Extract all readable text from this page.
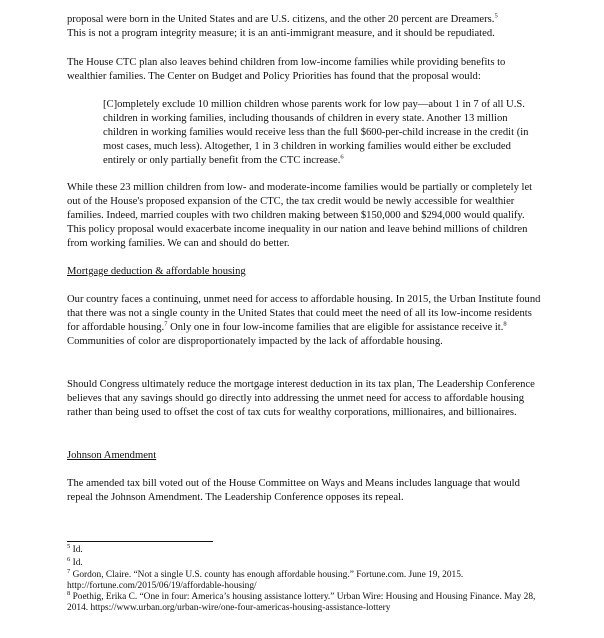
proposal were born in the United States and are U.S. citizens, and the other 20 percent are Dreamers.$^5$
This is not a program integrity measure; it is an anti-immigrant measure, and it should be repudiated.

The House CTC plan also leaves behind children from low-income families while providing benefits to wealthier families. The Center on Budget and Policy Priorities has found that the proposal would:

[C]ompletely exclude 10 million children whose parents work for low pay—about 1 in 7 of all U.S. children in working families, including thousands of children in every state. Another 13 million children in working families would receive less than the full $600-per-child increase in the credit (in most cases, much less). Altogether, 1 in 3 children in working families would either be excluded entirely or only partially benefit from the CTC increase.$^6$

While these 23 million children from low- and moderate-income families would be partially or completely let out of the House's proposed expansion of the CTC, the tax credit would be newly accessible for wealthier families. Indeed, married couples with two children making between $150,000 and $294,000 would qualify. This policy proposal would exacerbate income inequality in our nation and leave behind millions of children from working families. We can and should do better.

Mortgage deduction & affordable housing

Our country faces a continuing, unmet need for access to affordable housing. In 2015, the Urban Institute found that there was not a single county in the United States that could meet the need of all its low-income residents for affordable housing.$^7$ Only one in four low-income families that are eligible for assistance receive it.$^8$ Communities of color are disproportionately impacted by the lack of affordable housing.

Should Congress ultimately reduce the mortgage interest deduction in its tax plan, The Leadership Conference believes that any savings should go directly into addressing the unmet need for access to affordable housing rather than being used to offset the cost of tax cuts for wealthy corporations, millionaires, and billionaires.

Johnson Amendment

The amended tax bill voted out of the House Committee on Ways and Means includes language that would repeal the Johnson Amendment. The Leadership Conference opposes its repeal.

$^5$ Id.

$^6$ Id.

$^7$ Gordon, Claire. “Not a single U.S. county has enough affordable housing.” Fortune.com. June 19, 2015. http://fortune.com/2015/06/19/affordable-housing/

$^8$ Poethig, Erika C. “One in four: America’s housing assistance lottery.” Urban Wire: Housing and Housing Finance. May 28, 2014. https://www.urban.org/urban-wire/one-four-americas-housing-assistance-lottery
